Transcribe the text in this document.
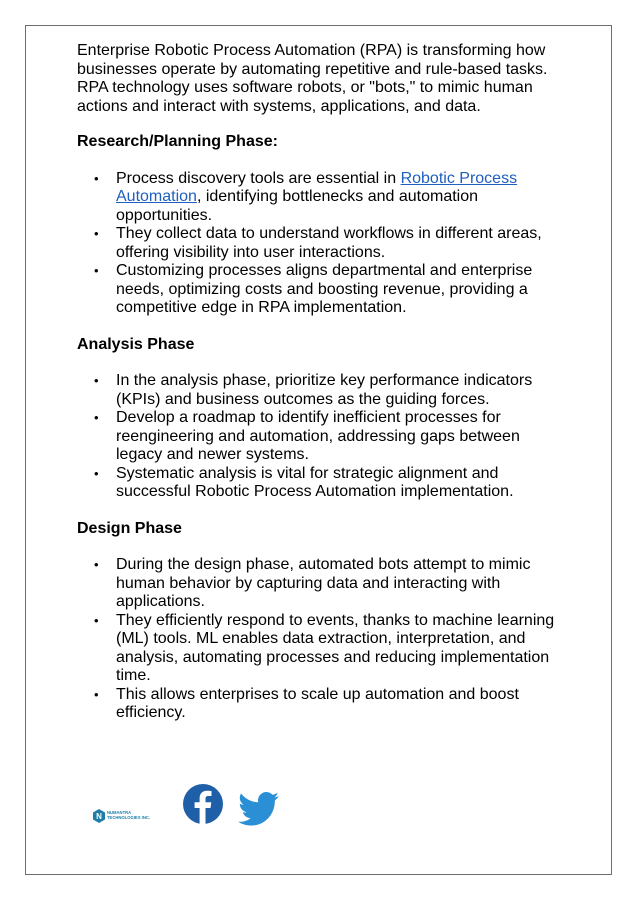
Enterprise Robotic Process Automation (RPA) is transforming how businesses operate by automating repetitive and rule-based tasks. RPA technology uses software robots, or "bots," to mimic human actions and interact with systems, applications, and data.

Research/Planning Phase:
• Process discovery tools are essential in Robotic Process Automation, identifying bottlenecks and automation opportunities.
• They collect data to understand workflows in different areas, offering visibility into user interactions.
• Customizing processes aligns departmental and enterprise needs, optimizing costs and boosting revenue, providing a competitive edge in RPA implementation.
Analysis Phase
• In the analysis phase, prioritize key performance indicators (KPIs) and business outcomes as the guiding forces.
• Develop a roadmap to identify inefficient processes for reengineering and automation, addressing gaps between legacy and newer systems.
• Systematic analysis is vital for strategic alignment and successful Robotic Process Automation implementation.
Design Phase
• During the design phase, automated bots attempt to mimic human behavior by capturing data and interacting with applications.
• They efficiently respond to events, thanks to machine learning (ML) tools. ML enables data extraction, interpretation, and analysis, automating processes and reducing implementation time.
• This allows enterprises to scale up automation and boost efficiency.
N NUMANTRA
TECHNOLOGIES INC.
